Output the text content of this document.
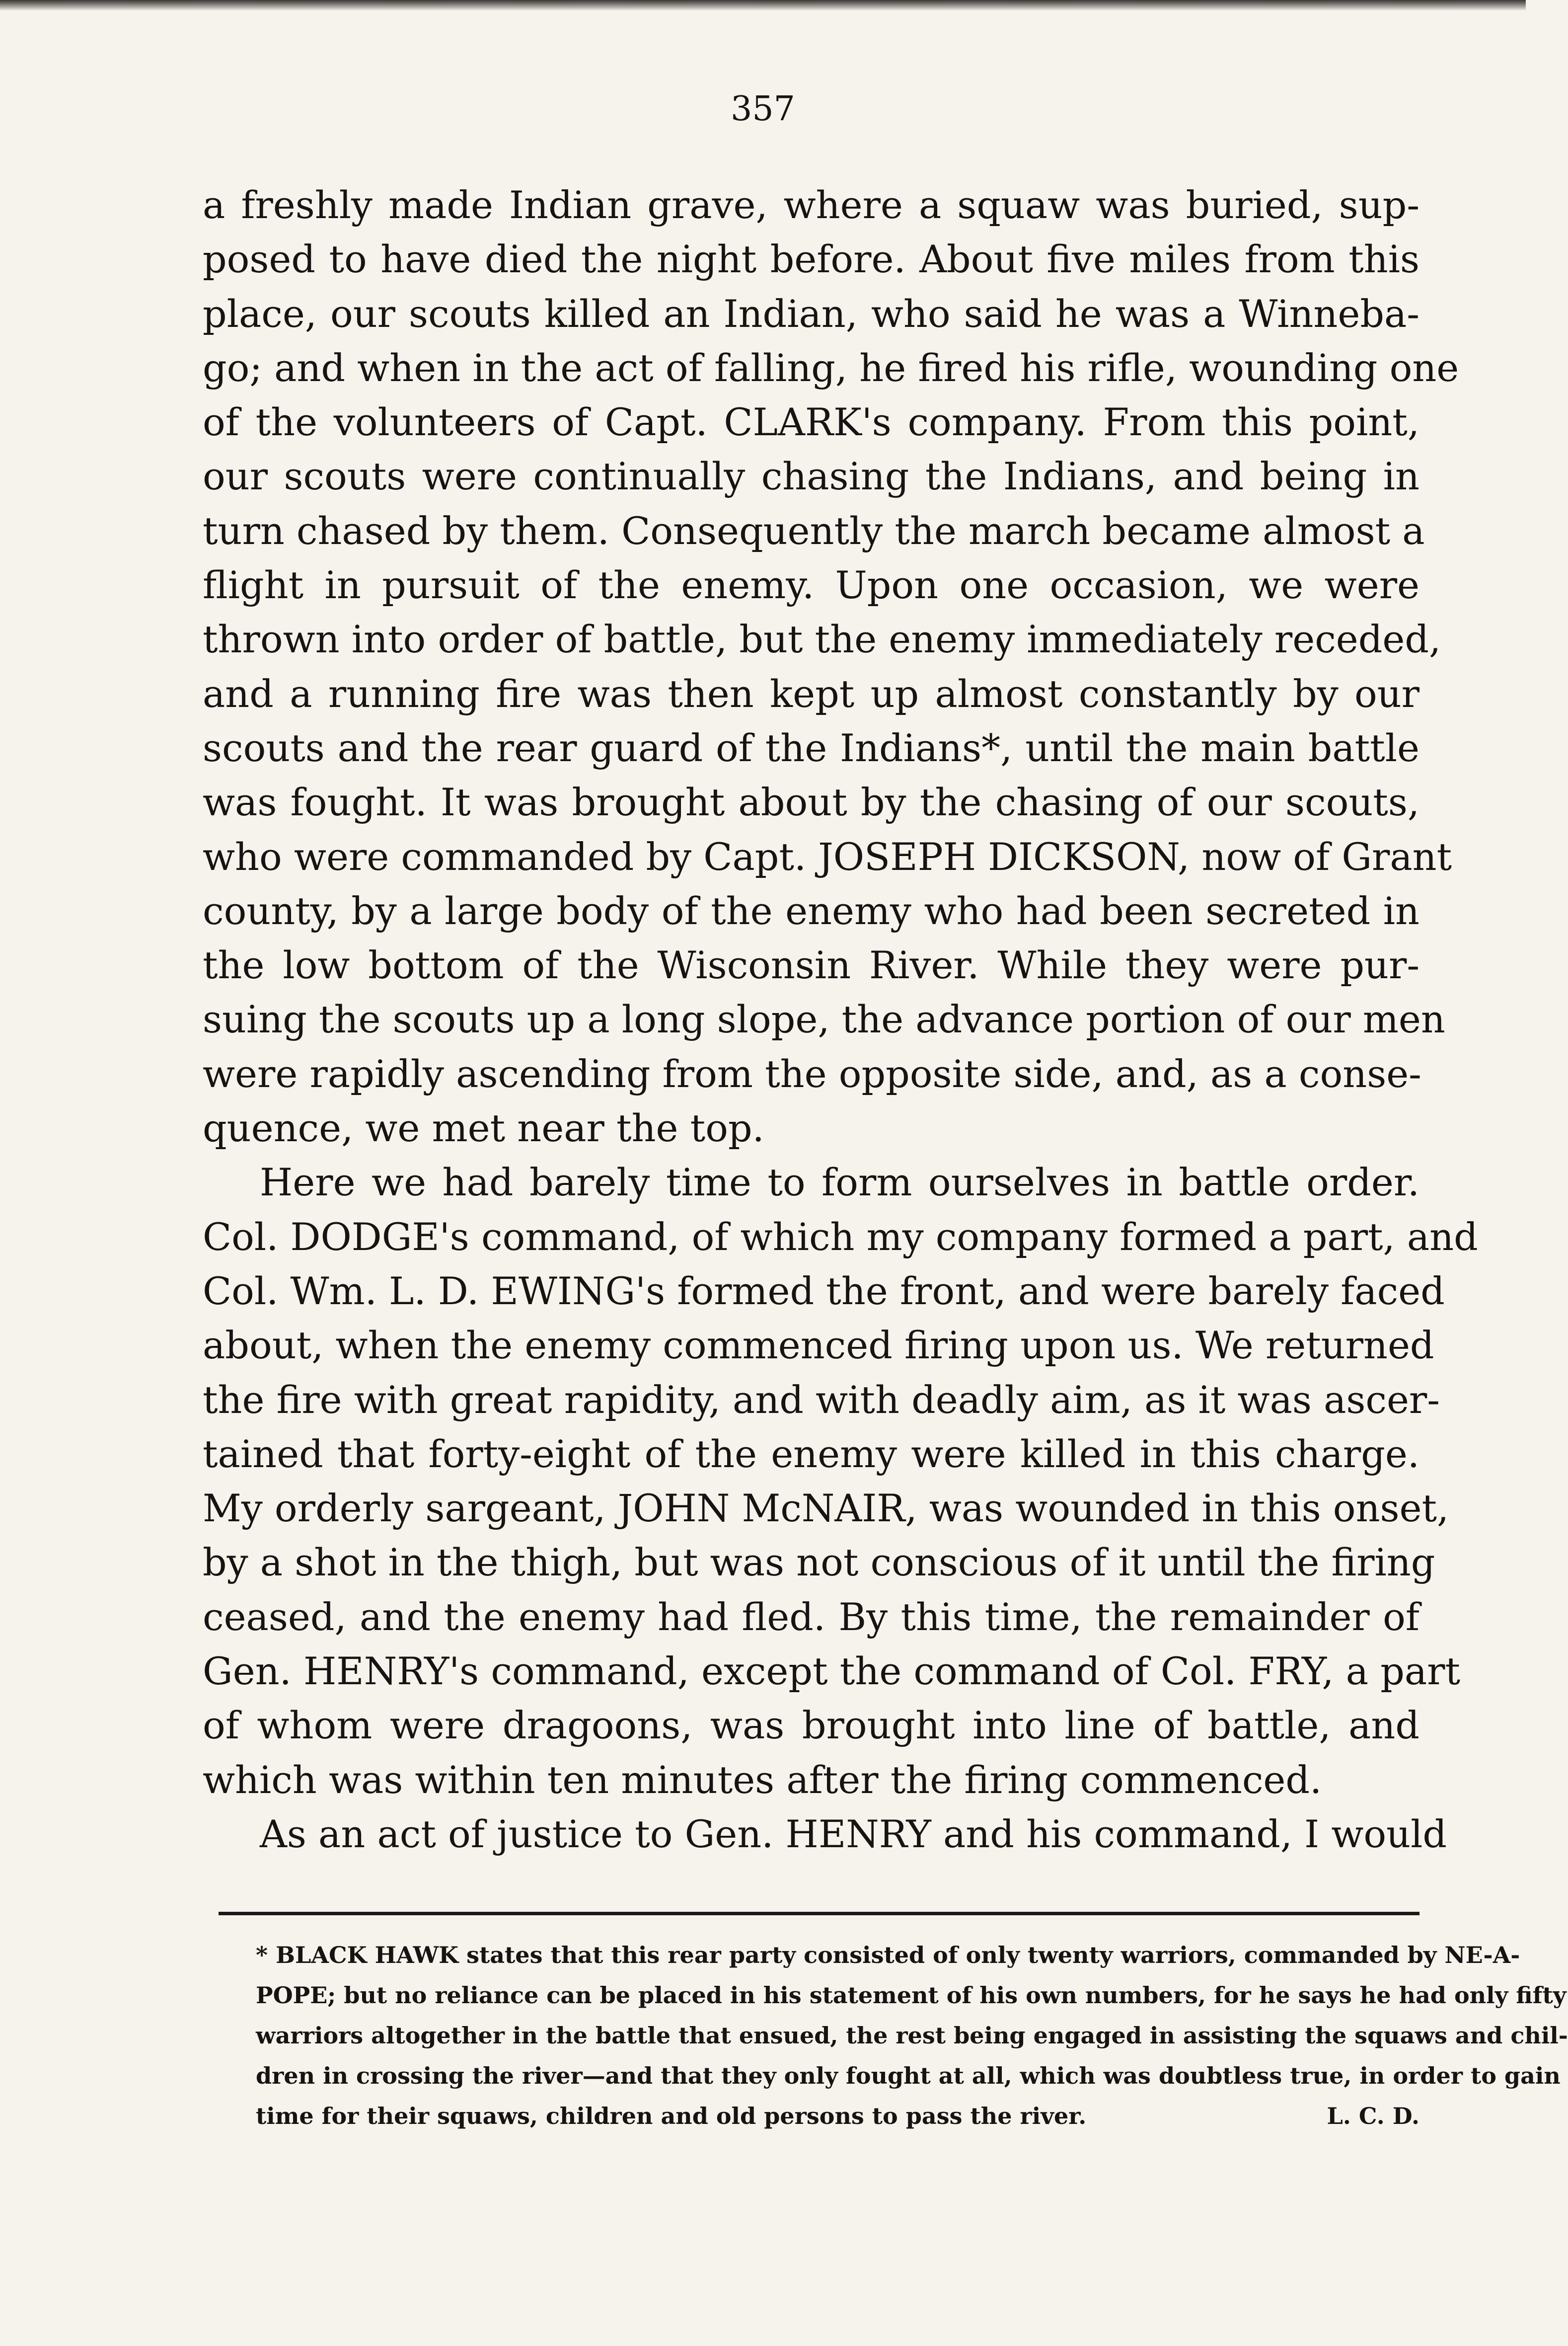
357
a freshly made Indian grave, where a squaw was buried, sup-
posed to have died the night before. About five miles from this
place, our scouts killed an Indian, who said he was a Winneba-
go; and when in the act of falling, he fired his rifle, wounding one
of the volunteers of Capt. CLARK's company. From this point,
our scouts were continually chasing the Indians, and being in
turn chased by them. Consequently the march became almost a
flight in pursuit of the enemy. Upon one occasion, we were
thrown into order of battle, but the enemy immediately receded,
and a running fire was then kept up almost constantly by our
scouts and the rear guard of the Indians*, until the main battle
was fought. It was brought about by the chasing of our scouts,
who were commanded by Capt. JOSEPH DICKSON, now of Grant
county, by a large body of the enemy who had been secreted in
the low bottom of the Wisconsin River. While they were pur-
suing the scouts up a long slope, the advance portion of our men
were rapidly ascending from the opposite side, and, as a conse-
quence, we met near the top.
Here we had barely time to form ourselves in battle order.
Col. DODGE's command, of which my company formed a part, and
Col. Wm. L. D. EWING's formed the front, and were barely faced
about, when the enemy commenced firing upon us. We returned
the fire with great rapidity, and with deadly aim, as it was ascer-
tained that forty-eight of the enemy were killed in this charge.
My orderly sargeant, JOHN McNAIR, was wounded in this onset,
by a shot in the thigh, but was not conscious of it until the firing
ceased, and the enemy had fled. By this time, the remainder of
Gen. HENRY's command, except the command of Col. FRY, a part
of whom were dragoons, was brought into line of battle, and
which was within ten minutes after the firing commenced.
As an act of justice to Gen. HENRY and his command, I would
* BLACK HAWK states that this rear party consisted of only twenty warriors, commanded by NE-A-
POPE; but no reliance can be placed in his statement of his own numbers, for he says he had only fifty
warriors altogether in the battle that ensued, the rest being engaged in assisting the squaws and chil-
dren in crossing the river—and that they only fought at all, which was doubtless true, in order to gain
time for their squaws, children and old persons to pass the river.	L. C. D.
